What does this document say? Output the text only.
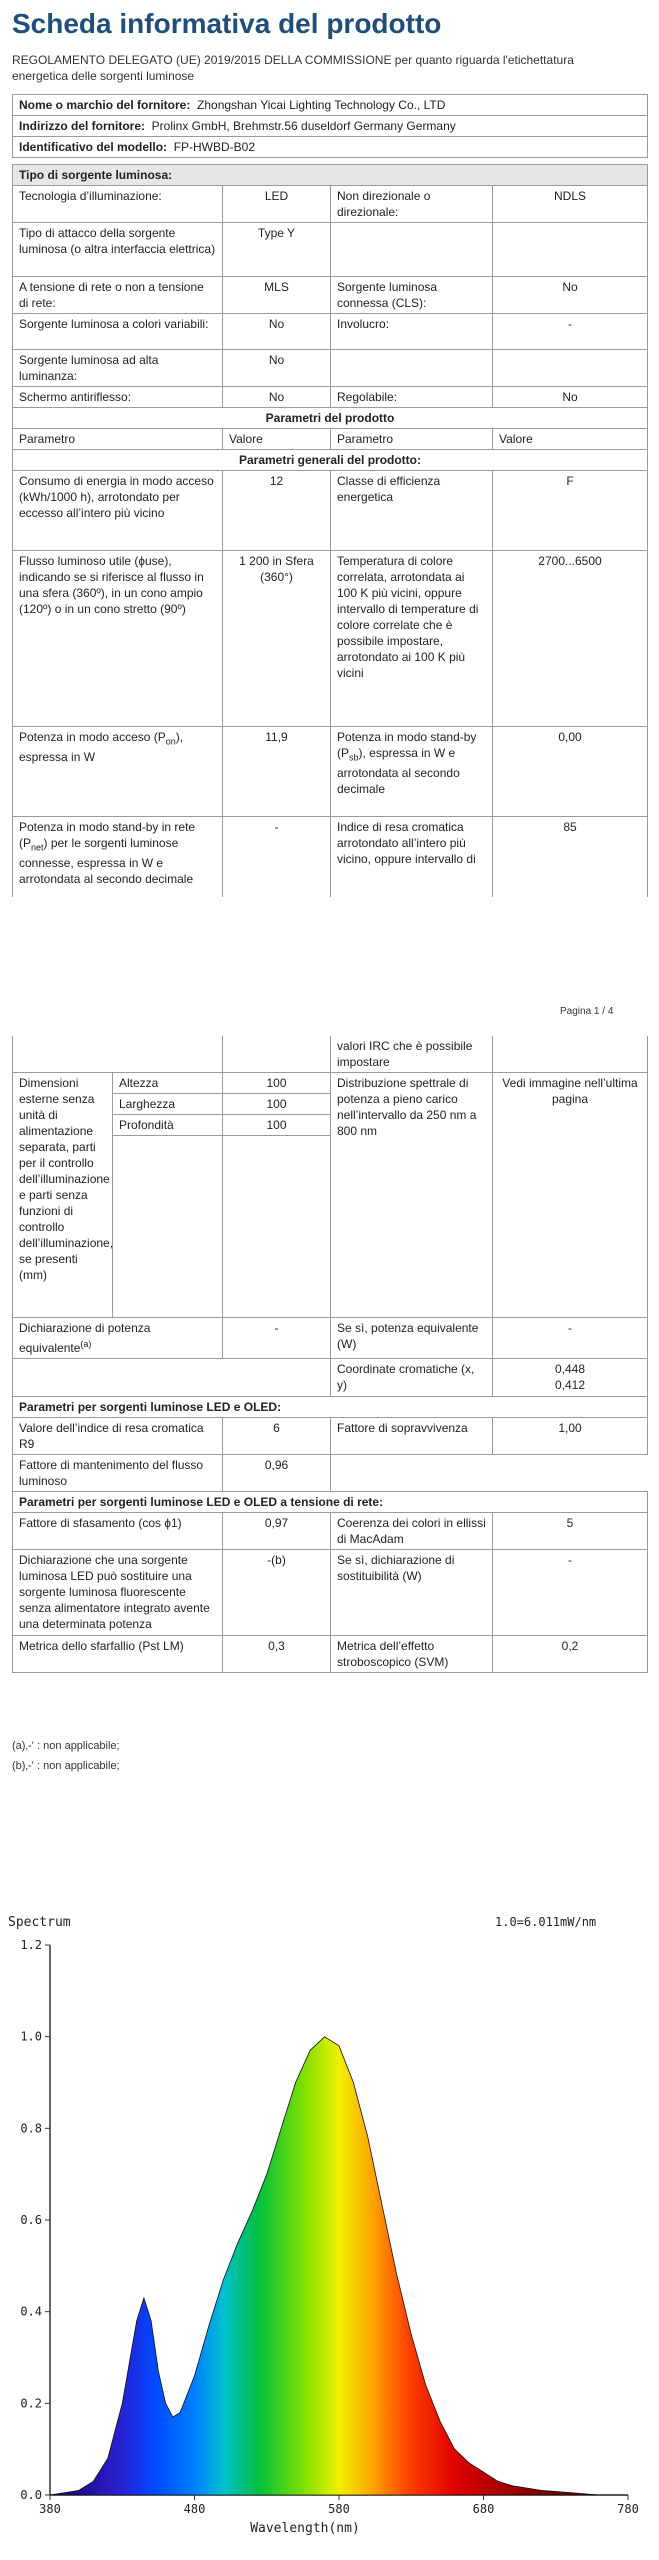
Scheda informativa del prodotto
REGOLAMENTO DELEGATO (UE) 2019/2015 DELLA COMMISSIONE per quanto riguarda l'etichettatura energetica delle sorgenti luminose
Nome o marchio del fornitore: Zhongshan Yicai Lighting Technology Co., LTD
Indirizzo del fornitore: Prolinx GmbH, Brehmstr.56 duseldorf Germany Germany
Identificativo del modello: FP-HWBD-B02
Tipo di sorgente luminosa:			
Tecnologia d’illuminazione:	LED	Non direzionale o direzionale:	NDLS
Tipo di attacco della sorgente luminosa (o altra interfaccia elettrica)	Type Y		
A tensione di rete o non a tensione di rete:	MLS	Sorgente luminosa connessa (CLS):	No
Sorgente luminosa a colori variabili:	No	Involucro:	-
Sorgente luminosa ad alta luminanza:	No		
Schermo antiriflesso:	No	Regolabile:	No
Parametri del prodotto			
Parametro	Valore	Parametro	Valore
Parametri generali del prodotto:			
Consumo di energia in modo acceso (kWh/1000 h), arrotondato per eccesso all’intero più vicino	12	Classe di efficienza energetica	F
Flusso luminoso utile (ɸuse), indicando se si riferisce al flusso in una sfera (360º), in un cono ampio (120º) o in un cono stretto (90º)	1 200 in Sfera (360°)	Temperatura di colore correlata, arrotondata ai 100 K più vicini, oppure intervallo di temperature di colore correlate che è possibile impostare, arrotondato ai 100 K più vicini	2700...6500
Potenza in modo acceso $(P_{on})$, espressa in W	11,9	Potenza in modo stand-by $(P_{sb})$, espressa in W e arrotondata al secondo decimale	0,00
Potenza in modo stand-by in rete $(P_{net})$ per le sorgenti luminose connesse, espressa in W e arrotondata al secondo decimale	-	Indice di resa cromatica arrotondato all’intero più vicino, oppure intervallo di	85
Pagina 1 / 4
			valori IRC che è possibile impostare	
Dimensioni esterne senza unità di alimentazione separata, parti per il controllo dell’illuminazione e parti senza funzioni di controllo dell’illuminazione, se presenti (mm)	Altezza	100	Distribuzione spettrale di potenza a pieno carico nell’intervallo da 250 nm a 800 nm	Vedi immagine nell’ultima pagina
	Larghezza	100		
	Profondità	100		

Dichiarazione di potenza equivalente$^{(a)}$		-	Se sì, potenza equivalente (W)	-
			Coordinate cromatiche (x, y)	0,448
0,412
Parametri per sorgenti luminose LED e OLED:				
Valore dell’indice di resa cromatica R9		6	Fattore di sopravvivenza	1,00
Fattore di mantenimento del flusso luminoso		0,96		
Parametri per sorgenti luminose LED e OLED a tensione di rete:				
Fattore di sfasamento (cos ɸ1)		0,97	Coerenza dei colori in ellissi di MacAdam	5
Dichiarazione che una sorgente luminosa LED può sostituire una sorgente luminosa fluorescente senza alimentatore integrato avente una determinata potenza		-(b)	Se sì, dichiarazione di sostituibilità (W)	-
Metrica dello sfarfallio (Pst LM)		0,3	Metrica dell’effetto stroboscopico (SVM)	0,2
(a)‚-‛ : non applicabile;
(b)‚-‛ : non applicabile;
Spectrum	1.0=6.011mW/nm
Wavelength(nm)
0.0
0.2
0.4
0.6
0.8
1.0
1.2
380	480	580	680	780
